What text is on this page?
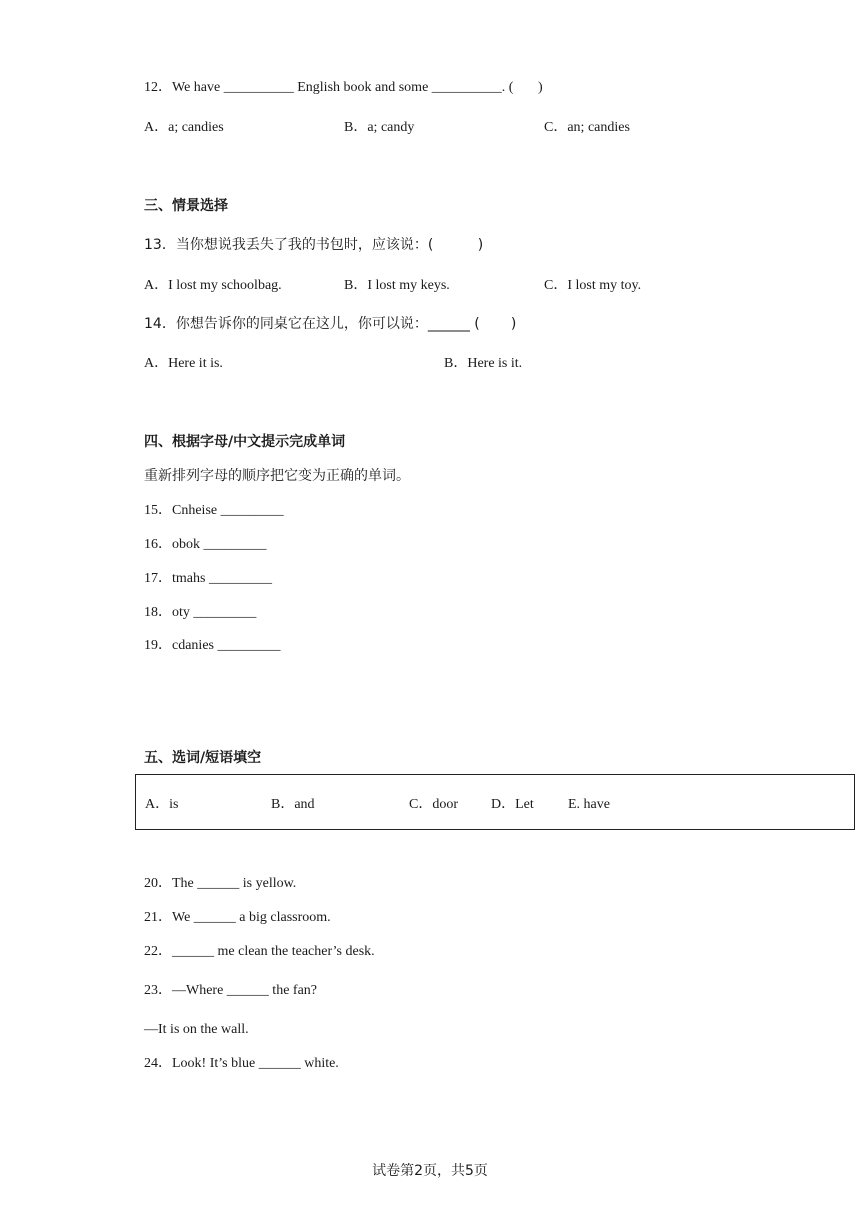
12．We have __________ English book and some __________. (       )
A．a; candies	B．a; candy	C．an; candies
三、情景选择
13．当你想说我丢失了我的书包时，应该说：(          )
A．I lost my schoolbag.	B．I lost my keys.	C．I lost my toy.
14．你想告诉你的同桌它在这儿，你可以说：______ (       )
A．Here it is.	B．Here is it.
四、根据字母/中文提示完成单词
重新排列字母的顺序把它变为正确的单词。
15．Cnheise _________
16．obok _________
17．tmahs _________
18．oty _________
19．cdanies _________
五、选词/短语填空
A．is	B．and	C．door D．Let E. have
20．The ______ is yellow.
21．We ______ a big classroom.
22．______ me clean the teacher’s desk.
23．—Where ______ the fan?
—It is on the wall.
24．Look! It’s blue ______ white.
试卷第2页，共5页
